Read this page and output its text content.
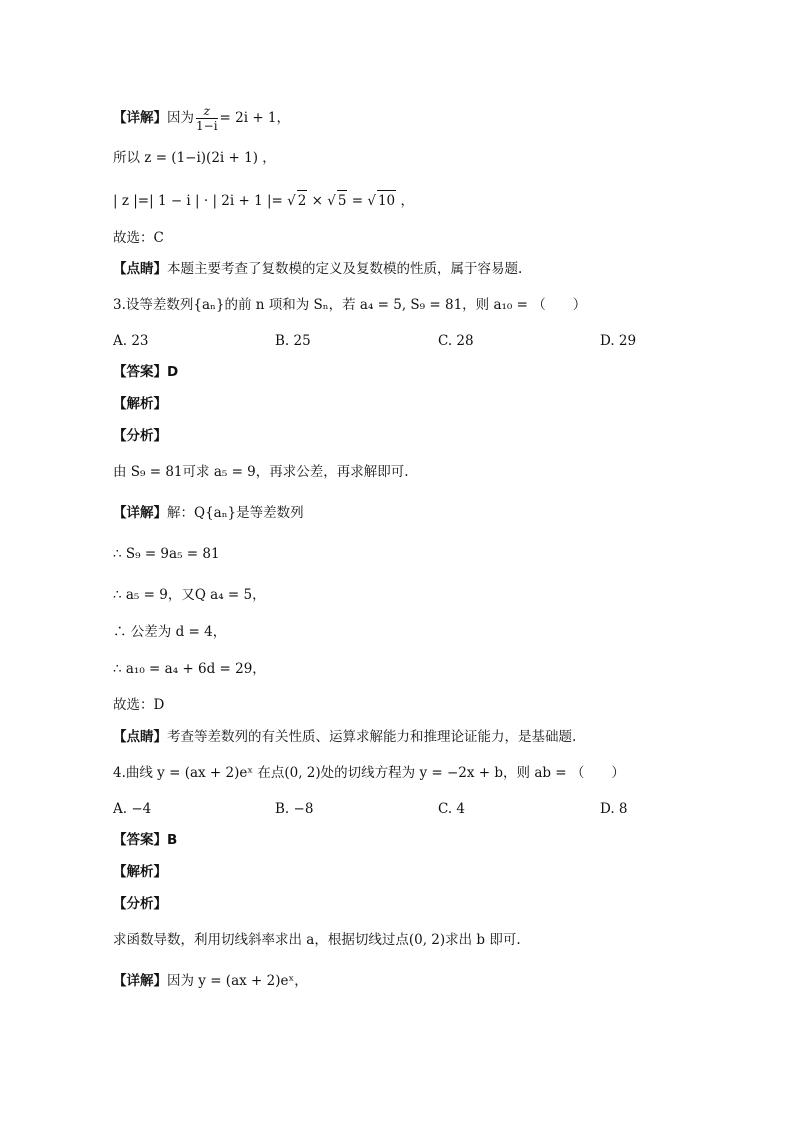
【详解】因为 $\frac{z}{1-i} = 2i + 1$，
所以 z = (1−i)(2i + 1) ，
| z |=| 1 − i | · | 2i + 1 |= √ 2 × √ 5 = √ 10 ，
故选：C
【点睛】本题主要考查了复数模的定义及复数模的性质，属于容易题.
3.设等差数列{aₙ}的前 n 项和为 Sₙ，若 a₄ = 5, S₉ = 81，则 a₁₀ = （　　）
A. 23	B. 25	C. 28	D. 29
【答案】D
【解析】
【分析】
由 S₉ = 81可求 a₅ = 9，再求公差，再求解即可.
【详解】解：Q{aₙ}是等差数列
∴ S₉ = 9a₅ = 81
∴ a₅ = 9，又Q a₄ = 5，
∴ 公差为 d = 4，
∴ a₁₀ = a₄ + 6d = 29，
故选：D
【点睛】考查等差数列的有关性质、运算求解能力和推理论证能力，是基础题.
4.曲线 y = (ax + 2)eˣ 在点(0, 2)处的切线方程为 y = −2x + b，则 ab = （　　）
A. −4	B. −8	C. 4	D. 8
【答案】B
【解析】
【分析】
求函数导数，利用切线斜率求出 a，根据切线过点(0, 2)求出 b 即可.
【详解】因为 y = (ax + 2)eˣ，
